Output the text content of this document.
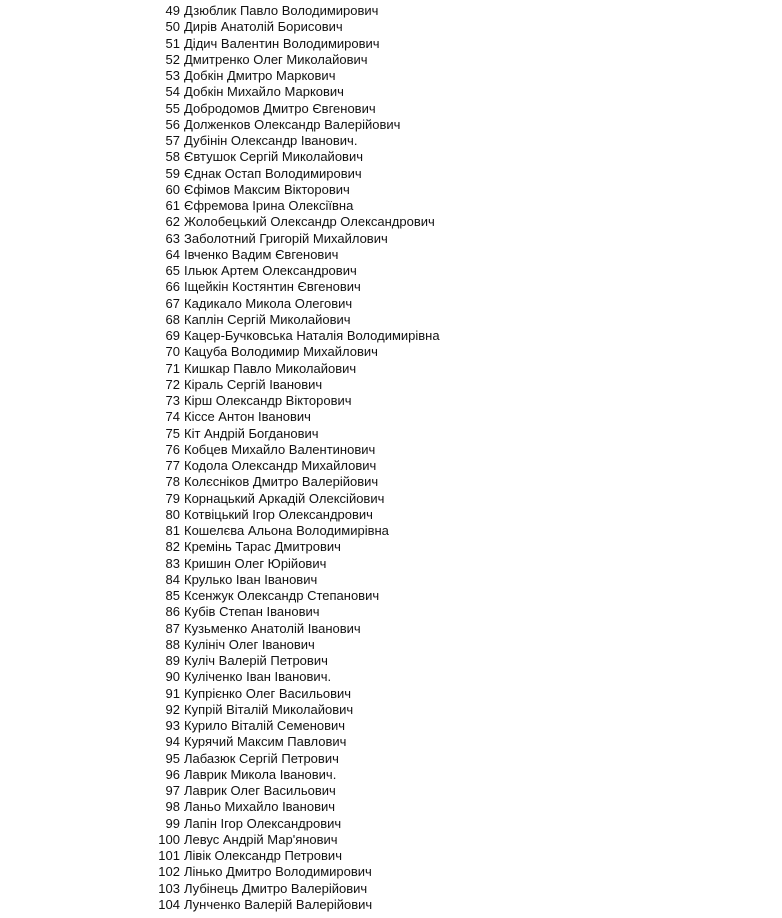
49 Дзюблик Павло Володимирович
50 Дирів Анатолій Борисович
51 Дідич Валентин Володимирович
52 Дмитренко Олег Миколайович
53 Добкін Дмитро Маркович
54 Добкін Михайло Маркович
55 Добродомов Дмитро Євгенович
56 Долженков Олександр Валерійович
57 Дубінін Олександр Іванович.
58 Євтушок Сергій Миколайович
59 Єднак Остап Володимирович
60 Єфімов Максим Вікторович
61 Єфремова Ірина Олексіївна
62 Жолобецький Олександр Олександрович
63 Заболотний Григорій Михайлович
64 Івченко Вадим Євгенович
65 Ільюк Артем Олександрович
66 Іщейкін Костянтин Євгенович
67 Кадикало Микола Олегович
68 Каплін Сергій Миколайович
69 Кацер-Бучковська Наталія Володимирівна
70 Кацуба Володимир Михайлович
71 Кишкар Павло Миколайович
72 Кіраль Сергій Іванович
73 Кірш Олександр Вікторович
74 Кіссе Антон Іванович
75 Кіт Андрій Богданович
76 Кобцев Михайло Валентинович
77 Кодола Олександр Михайлович
78 Колєсніков Дмитро Валерійович
79 Корнацький Аркадій Олексійович
80 Котвіцький Ігор Олександрович
81 Кошелєва Альона Володимирівна
82 Кремінь Тарас Дмитрович
83 Кришин Олег Юрійович
84 Крулько Іван Іванович
85 Ксенжук Олександр Степанович
86 Кубів Степан Іванович
87 Кузьменко Анатолій Іванович
88 Кулініч Олег Іванович
89 Куліч Валерій Петрович
90 Куліченко Іван Іванович.
91 Купрієнко Олег Васильович
92 Купрій Віталій Миколайович
93 Курило Віталій Семенович
94 Курячий Максим Павлович
95 Лабазюк Сергій Петрович
96 Лаврик Микола Іванович.
97 Лаврик Олег Васильович
98 Ланьо Михайло Іванович
99 Лапін Ігор Олександрович
100 Левус Андрій Мар'янович
101 Лівік Олександр Петрович
102 Лінько Дмитро Володимирович
103 Лубінець Дмитро Валерійович
104 Лунченко Валерій Валерійович
